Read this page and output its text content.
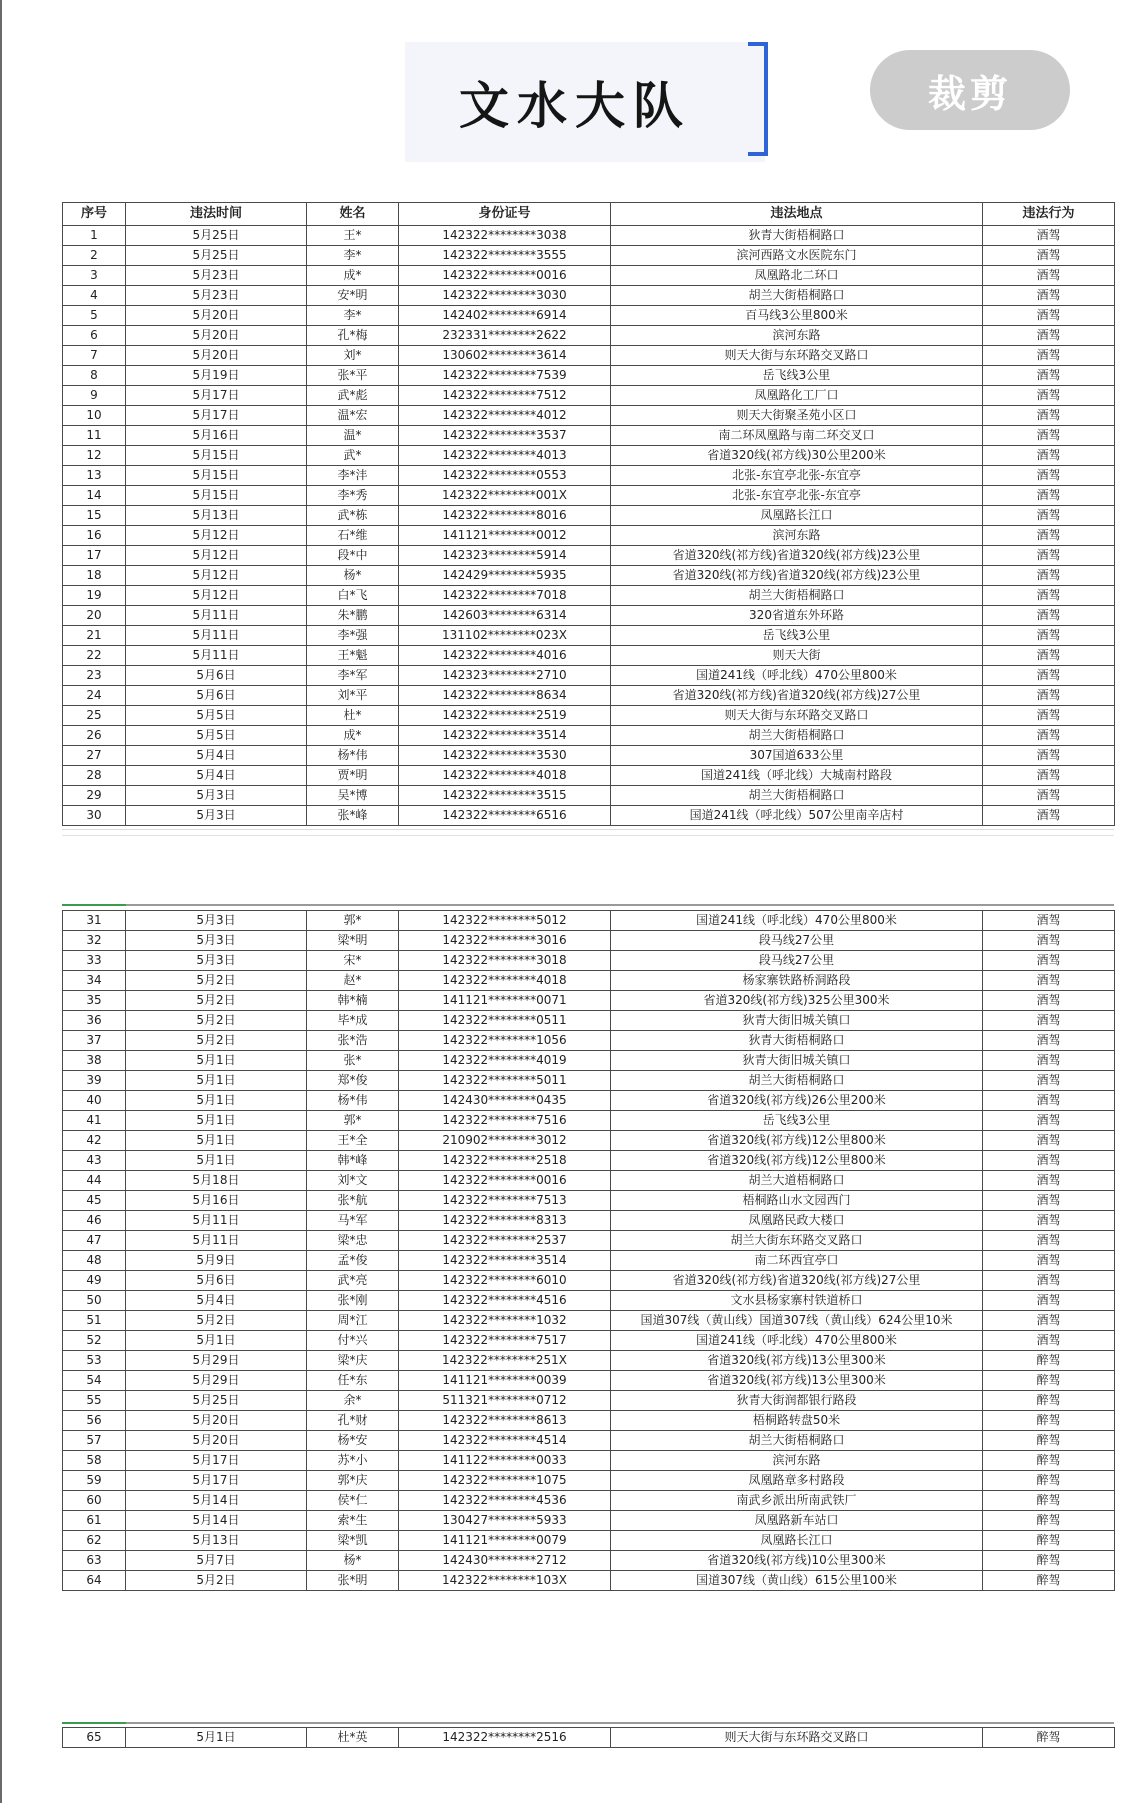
文水大队	裁剪
序号	违法时间	姓名	身份证号	违法地点	违法行为
1	5月25日	王*	142322********3038	狄青大街梧桐路口	酒驾
2	5月25日	李*	142322********3555	滨河西路文水医院东门	酒驾
3	5月23日	成*	142322********0016	凤凰路北二环口	酒驾
4	5月23日	安*明	142322********3030	胡兰大街梧桐路口	酒驾
5	5月20日	李*	142402********6914	百马线3公里800米	酒驾
6	5月20日	孔*梅	232331********2622	滨河东路	酒驾
7	5月20日	刘*	130602********3614	则天大街与东环路交叉路口	酒驾
8	5月19日	张*平	142322********7539	岳飞线3公里	酒驾
9	5月17日	武*彪	142322********7512	凤凰路化工厂口	酒驾
10	5月17日	温*宏	142322********4012	则天大街聚圣苑小区口	酒驾
11	5月16日	温*	142322********3537	南二环凤凰路与南二环交叉口	酒驾
12	5月15日	武*	142322********4013	省道320线(祁方线)30公里200米	酒驾
13	5月15日	李*沣	142322********0553	北张-东宜亭北张-东宜亭	酒驾
14	5月15日	李*秀	142322********001X	北张-东宜亭北张-东宜亭	酒驾
15	5月13日	武*栋	142322********8016	凤凰路长江口	酒驾
16	5月12日	石*维	141121********0012	滨河东路	酒驾
17	5月12日	段*中	142323********5914	省道320线(祁方线)省道320线(祁方线)23公里	酒驾
18	5月12日	杨*	142429********5935	省道320线(祁方线)省道320线(祁方线)23公里	酒驾
19	5月12日	白*飞	142322********7018	胡兰大街梧桐路口	酒驾
20	5月11日	朱*鹏	142603********6314	320省道东外环路	酒驾
21	5月11日	李*强	131102********023X	岳飞线3公里	酒驾
22	5月11日	王*魁	142322********4016	则天大街	酒驾
23	5月6日	李*军	142323********2710	国道241线（呼北线）470公里800米	酒驾
24	5月6日	刘*平	142322********8634	省道320线(祁方线)省道320线(祁方线)27公里	酒驾
25	5月5日	杜*	142322********2519	则天大街与东环路交叉路口	酒驾
26	5月5日	成*	142322********3514	胡兰大街梧桐路口	酒驾
27	5月4日	杨*伟	142322********3530	307国道633公里	酒驾
28	5月4日	贾*明	142322********4018	国道241线（呼北线）大城南村路段	酒驾
29	5月3日	吴*博	142322********3515	胡兰大街梧桐路口	酒驾
30	5月3日	张*峰	142322********6516	国道241线（呼北线）507公里南辛店村	酒驾
31	5月3日	郭*	142322********5012	国道241线（呼北线）470公里800米	酒驾
32	5月3日	梁*明	142322********3016	段马线27公里	酒驾
33	5月3日	宋*	142322********3018	段马线27公里	酒驾
34	5月2日	赵*	142322********4018	杨家寨铁路桥洞路段	酒驾
35	5月2日	韩*楠	141121********0071	省道320线(祁方线)325公里300米	酒驾
36	5月2日	毕*成	142322********0511	狄青大街旧城关镇口	酒驾
37	5月2日	张*浩	142322********1056	狄青大街梧桐路口	酒驾
38	5月1日	张*	142322********4019	狄青大街旧城关镇口	酒驾
39	5月1日	郑*俊	142322********5011	胡兰大街梧桐路口	酒驾
40	5月1日	杨*伟	142430********0435	省道320线(祁方线)26公里200米	酒驾
41	5月1日	郭*	142322********7516	岳飞线3公里	酒驾
42	5月1日	王*全	210902********3012	省道320线(祁方线)12公里800米	酒驾
43	5月1日	韩*峰	142322********2518	省道320线(祁方线)12公里800米	酒驾
44	5月18日	刘*文	142322********0016	胡兰大道梧桐路口	酒驾
45	5月16日	张*航	142322********7513	梧桐路山水文园西门	酒驾
46	5月11日	马*军	142322********8313	凤凰路民政大楼口	酒驾
47	5月11日	梁*忠	142322********2537	胡兰大街东环路交叉路口	酒驾
48	5月9日	孟*俊	142322********3514	南二环西宜亭口	酒驾
49	5月6日	武*亮	142322********6010	省道320线(祁方线)省道320线(祁方线)27公里	酒驾
50	5月4日	张*刚	142322********4516	文水县杨家寨村铁道桥口	酒驾
51	5月2日	周*江	142322********1032	国道307线（黄山线）国道307线（黄山线）624公里10米	酒驾
52	5月1日	付*兴	142322********7517	国道241线（呼北线）470公里800米	酒驾
53	5月29日	梁*庆	142322********251X	省道320线(祁方线)13公里300米	醉驾
54	5月29日	任*东	141121********0039	省道320线(祁方线)13公里300米	醉驾
55	5月25日	余*	511321********0712	狄青大街润都银行路段	醉驾
56	5月20日	孔*财	142322********8613	梧桐路转盘50米	醉驾
57	5月20日	杨*安	142322********4514	胡兰大街梧桐路口	醉驾
58	5月17日	苏*小	141122********0033	滨河东路	醉驾
59	5月17日	郭*庆	142322********1075	凤凰路章多村路段	醉驾
60	5月14日	侯*仁	142322********4536	南武乡派出所南武铁厂	醉驾
61	5月14日	索*生	130427********5933	凤凰路新车站口	醉驾
62	5月13日	梁*凯	141121********0079	凤凰路长江口	醉驾
63	5月7日	杨*	142430********2712	省道320线(祁方线)10公里300米	醉驾
64	5月2日	张*明	142322********103X	国道307线（黄山线）615公里100米	醉驾
65	5月1日	杜*英	142322********2516	则天大街与东环路交叉路口	醉驾
